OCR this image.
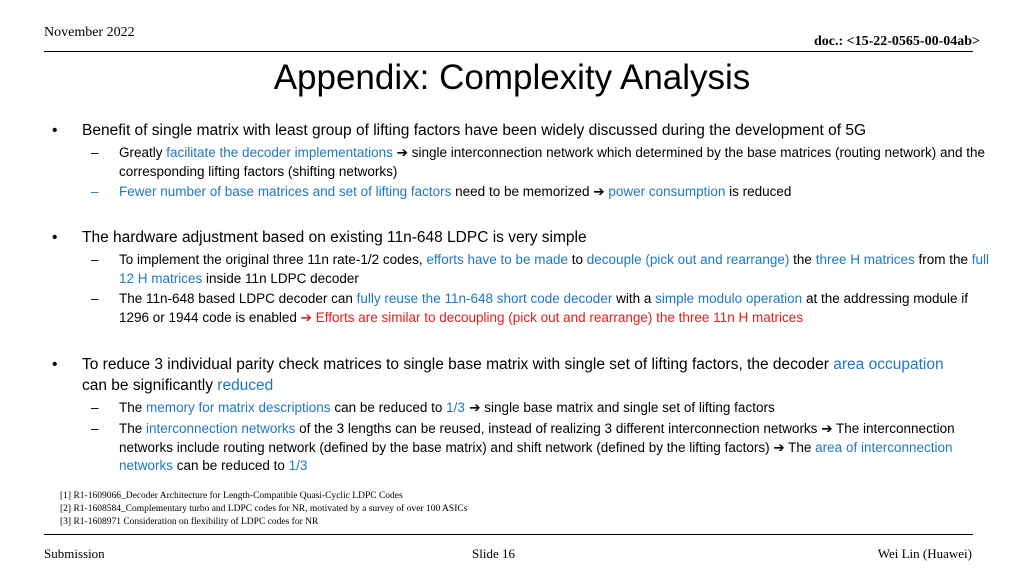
November 2022
doc.: <15-22-0565-00-04ab>
Appendix: Complexity Analysis
• Benefit of single matrix with least group of lifting factors have been widely discussed during the development of 5G
– Greatly facilitate the decoder implementations ➔ single interconnection network which determined by the base matrices (routing network) and the corresponding lifting factors (shifting networks)
– Fewer number of base matrices and set of lifting factors need to be memorized ➔ power consumption is reduced
• The hardware adjustment based on existing 11n-648 LDPC is very simple
– To implement the original three 11n rate-1/2 codes, efforts have to be made to decouple (pick out and rearrange) the three H matrices from the full 12 H matrices inside 11n LDPC decoder
– The 11n-648 based LDPC decoder can fully reuse the 11n-648 short code decoder with a simple modulo operation at the addressing module if 1296 or 1944 code is enabled ➔ Efforts are similar to decoupling (pick out and rearrange) the three 11n H matrices
• To reduce 3 individual parity check matrices to single base matrix with single set of lifting factors, the decoder area occupation can be significantly reduced
– The memory for matrix descriptions can be reduced to 1/3 ➔ single base matrix and single set of lifting factors
– The interconnection networks of the 3 lengths can be reused, instead of realizing 3 different interconnection networks ➔ The interconnection networks include routing network (defined by the base matrix) and shift network (defined by the lifting factors) ➔ The area of interconnection networks can be reduced to 1/3
[1] R1-1609066_Decoder Architecture for Length-Compatible Quasi-Cyclic LDPC Codes
[2] R1-1608584_Complementary turbo and LDPC codes for NR, motivated by a survey of over 100 ASICs
[3] R1-1608971 Consideration on flexibility of LDPC codes for NR
Submission	Slide 16	Wei Lin (Huawei)
